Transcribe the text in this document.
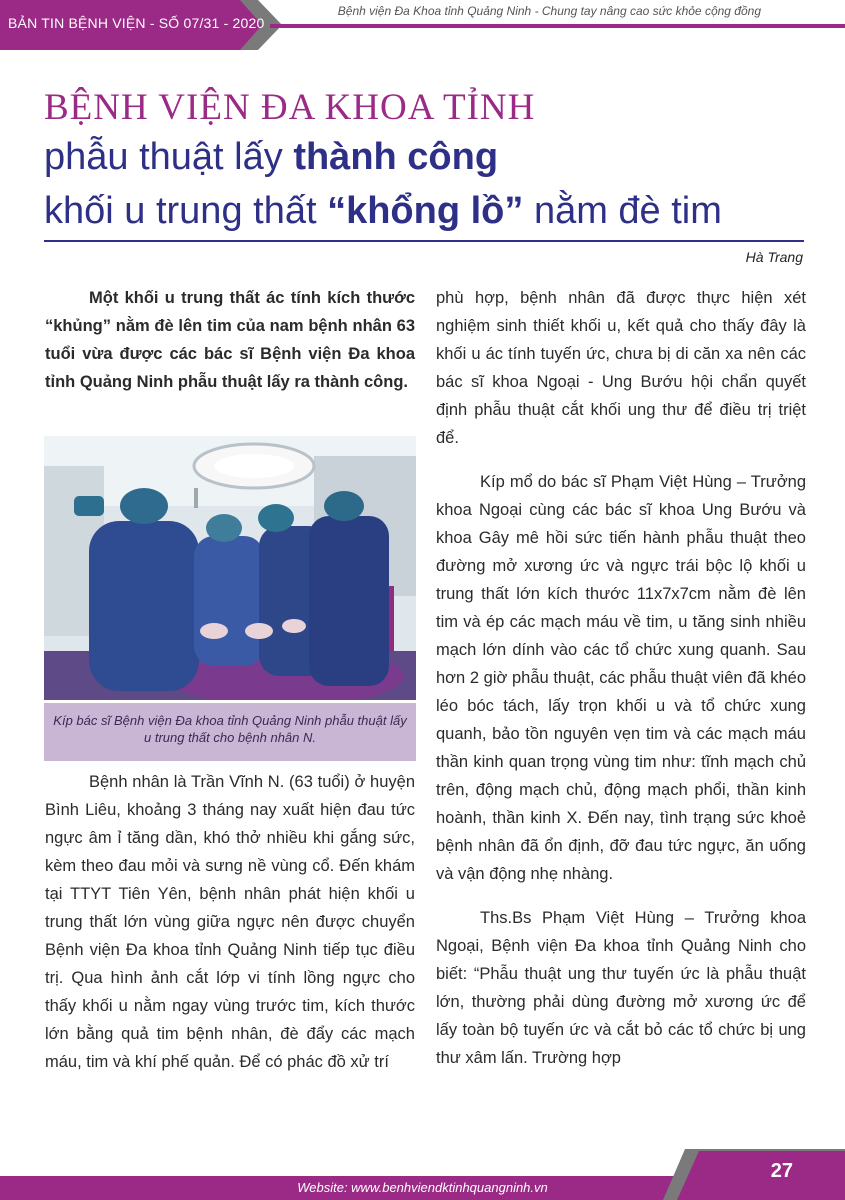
BẢN TIN BỆNH VIỆN - SỐ 07/31 - 2020
Bệnh viện Đa Khoa tỉnh Quảng Ninh - Chung tay nâng cao sức khỏe cộng đồng
BỆNH VIỆN ĐA KHOA TỈNH
phẫu thuật lấy thành công
khối u trung thất “khổng lồ” nằm đè tim
Hà Trang

Một khối u trung thất ác tính kích thước “khủng” nằm đè lên tim của nam bệnh nhân 63 tuổi vừa được các bác sĩ Bệnh viện Đa khoa tỉnh Quảng Ninh phẫu thuật lấy ra thành công.

Kíp bác sĩ Bệnh viện Đa khoa tỉnh Quảng Ninh phẫu thuật lấy u trung thất cho bệnh nhân N.

Bệnh nhân là Trần Vĩnh N. (63 tuổi) ở huyện Bình Liêu, khoảng 3 tháng nay xuất hiện đau tức ngực âm ỉ tăng dần, khó thở nhiều khi gắng sức, kèm theo đau mỏi và sưng nề vùng cổ. Đến khám tại TTYT Tiên Yên, bệnh nhân phát hiện khối u trung thất lớn vùng giữa ngực nên được chuyển Bệnh viện Đa khoa tỉnh Quảng Ninh tiếp tục điều trị. Qua hình ảnh cắt lớp vi tính lồng ngực cho thấy khối u nằm ngay vùng trước tim, kích thước lớn bằng quả tim bệnh nhân, đè đẩy các mạch máu, tim và khí phế quản. Để có phác đồ xử trí

phù hợp, bệnh nhân đã được thực hiện xét nghiệm sinh thiết khối u, kết quả cho thấy đây là khối u ác tính tuyến ức, chưa bị di căn xa nên các bác sĩ khoa Ngoại - Ung Bướu hội chẩn quyết định phẫu thuật cắt khối ung thư để điều trị triệt để.

Kíp mổ do bác sĩ Phạm Việt Hùng – Trưởng khoa Ngoại cùng các bác sĩ khoa Ung Bướu và khoa Gây mê hồi sức tiến hành phẫu thuật theo đường mở xương ức và ngực trái bộc lộ khối u trung thất lớn kích thước 11x7x7cm nằm đè lên tim và ép các mạch máu về tim, u tăng sinh nhiều mạch lớn dính vào các tổ chức xung quanh. Sau hơn 2 giờ phẫu thuật, các phẫu thuật viên đã khéo léo bóc tách, lấy trọn khối u và tổ chức xung quanh, bảo tồn nguyên vẹn tim và các mạch máu thần kinh quan trọng vùng tim như: tĩnh mạch chủ trên, động mạch chủ, động mạch phổi, thần kinh hoành, thần kinh X. Đến nay, tình trạng sức khoẻ bệnh nhân đã ổn định, đỡ đau tức ngực, ăn uống và vận động nhẹ nhàng.

Ths.Bs Phạm Việt Hùng – Trưởng khoa Ngoại, Bệnh viện Đa khoa tỉnh Quảng Ninh cho biết: “Phẫu thuật ung thư tuyến ức là phẫu thuật lớn, thường phải dùng đường mở xương ức để lấy toàn bộ tuyến ức và cắt bỏ các tổ chức bị ung thư xâm lấn. Trường hợp

27
Website: www.benhviendktinhquangninh.vn
